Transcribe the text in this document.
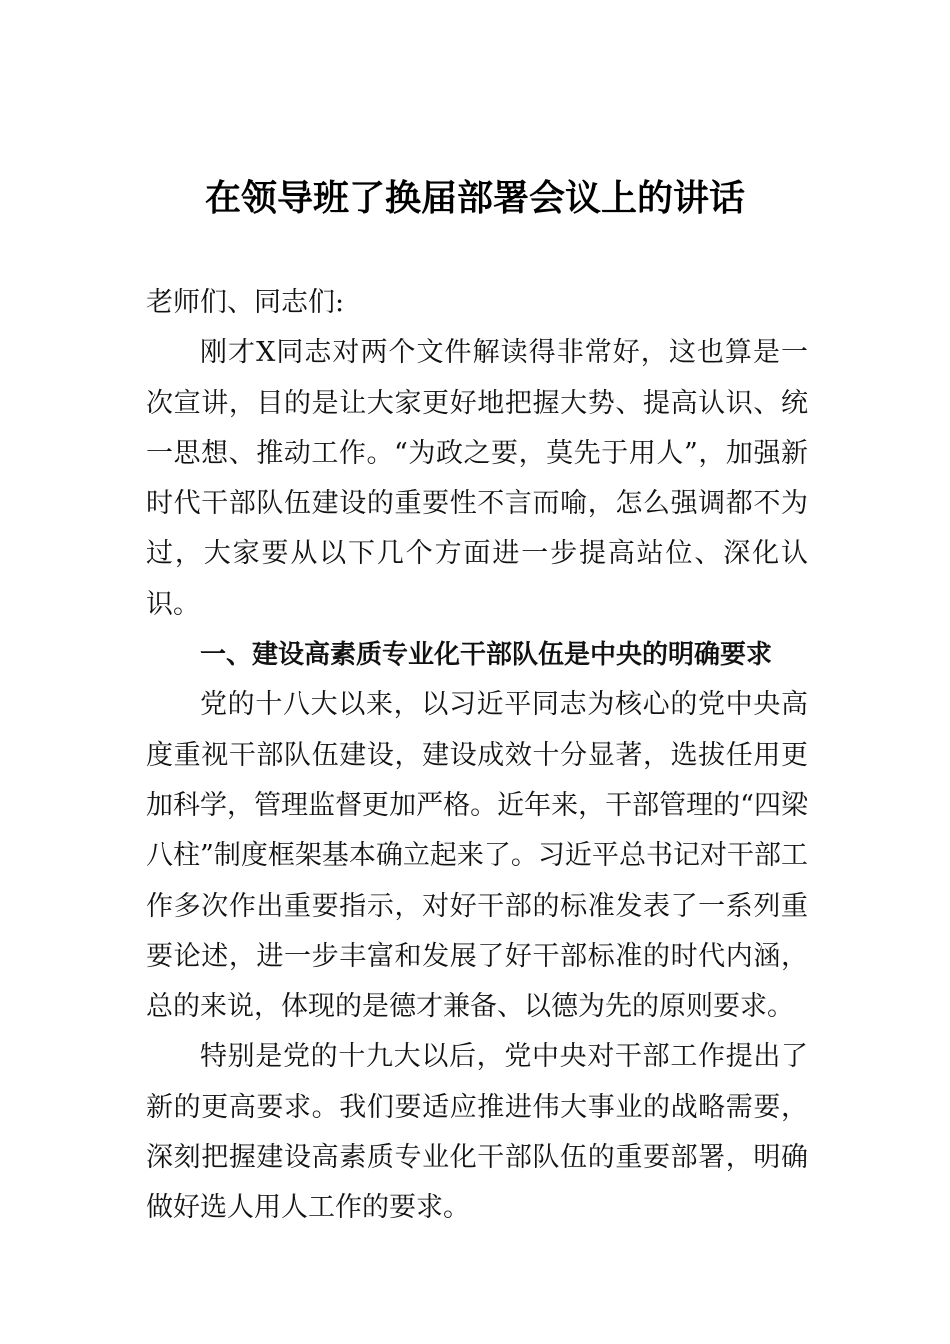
在领导班了换届部署会议上的讲话

老师们、同志们:

刚才X同志对两个文件解读得非常好，这也算是一次宣讲，目的是让大家更好地把握大势、提高认识、统一思想、推动工作。“为政之要，莫先于用人”，加强新时代干部队伍建设的重要性不言而喻，怎么强调都不为过，大家要从以下几个方面进一步提高站位、深化认识。

一、建设高素质专业化干部队伍是中央的明确要求

党的十八大以来，以习近平同志为核心的党中央高度重视干部队伍建设，建设成效十分显著，选拔任用更加科学，管理监督更加严格。近年来，干部管理的“四梁八柱”制度框架基本确立起来了。习近平总书记对干部工作多次作出重要指示，对好干部的标准发表了一系列重要论述，进一步丰富和发展了好干部标准的时代内涵，总的来说，体现的是德才兼备、以德为先的原则要求。

特别是党的十九大以后，党中央对干部工作提出了新的更高要求。我们要适应推进伟大事业的战略需要，深刻把握建设高素质专业化干部队伍的重要部署，明确做好选人用人工作的要求。
